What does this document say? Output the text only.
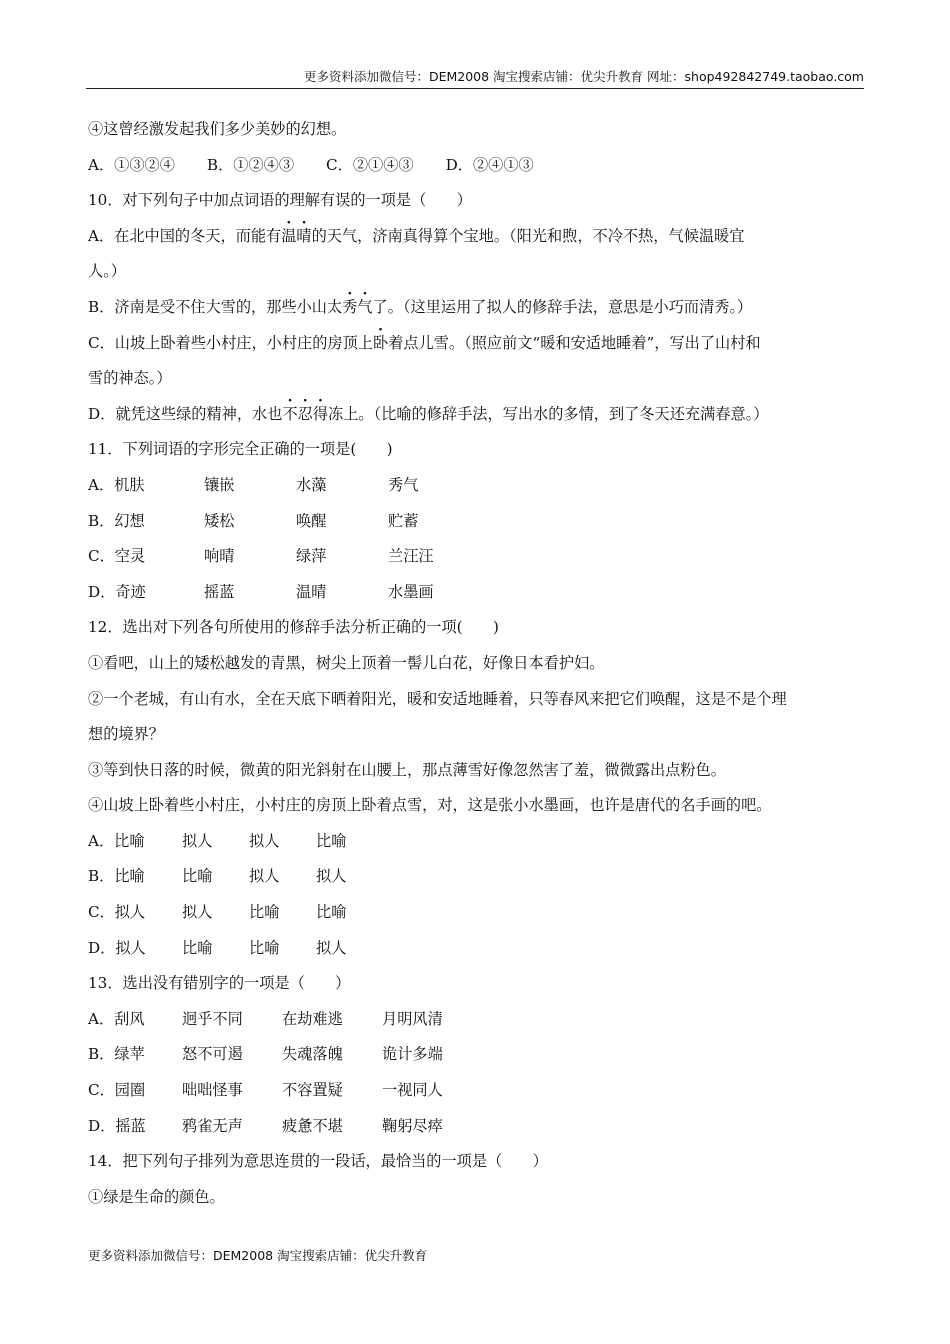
更多资料添加微信号：DEM2008 淘宝搜索店铺：优尖升教育 网址：shop492842749.taobao.com
④这曾经激发起我们多少美妙的幻想。
A．①③②④ B．①②④③ C．②①④③ D．②④①③
10．对下列句子中加点词语的理解有误的一项是（　　）
A．在北中国的冬天，而能有温晴的天气，济南真得算个宝地。（阳光和煦，不冷不热，气候温暖宜
人。）
B．济南是受不住大雪的，那些小山太秀气了。（这里运用了拟人的修辞手法，意思是小巧而清秀。）
C．山坡上卧着些小村庄，小村庄的房顶上卧着点儿雪。（照应前文“暖和安适地睡着”，写出了山村和
雪的神态。）
D．就凭这些绿的精神，水也不忍得冻上。（比喻的修辞手法，写出水的多情，到了冬天还充满春意。）
11．下列词语的字形完全正确的一项是(　　)
A．机肤	镶嵌	水藻	秀气
B．幻想	矮松	唤醒	贮蓄
C．空灵	响晴	绿萍	兰汪汪
D．奇迹	摇蓝	温晴	水墨画
12．选出对下列各句所使用的修辞手法分析正确的一项(　　)
①看吧，山上的矮松越发的青黑，树尖上顶着一髻儿白花，好像日本看护妇。
②一个老城，有山有水，全在天底下晒着阳光，暖和安适地睡着，只等春风来把它们唤醒，这是不是个理
想的境界？
③等到快日落的时候，微黄的阳光斜射在山腰上，那点薄雪好像忽然害了羞，微微露出点粉色。
④山坡上卧着些小村庄，小村庄的房顶上卧着点雪，对，这是张小水墨画，也许是唐代的名手画的吧。
A．比喻 拟人 拟人 比喻
B．比喻 比喻 拟人 拟人
C．拟人 拟人 比喻 比喻
D．拟人 比喻 比喻 拟人
13．选出没有错别字的一项是（　　）
A．刮风 迥乎不同	在劫难逃	月明风清
B．绿苹 怒不可遏	失魂落魄	诡计多端
C．园圈 咄咄怪事	不容置疑	一视同人
D．摇蓝 鸦雀无声	疲惫不堪	鞠躬尽瘁
14．把下列句子排列为意思连贯的一段话，最恰当的一项是（　　）
①绿是生命的颜色。
更多资料添加微信号：DEM2008 淘宝搜索店铺：优尖升教育
